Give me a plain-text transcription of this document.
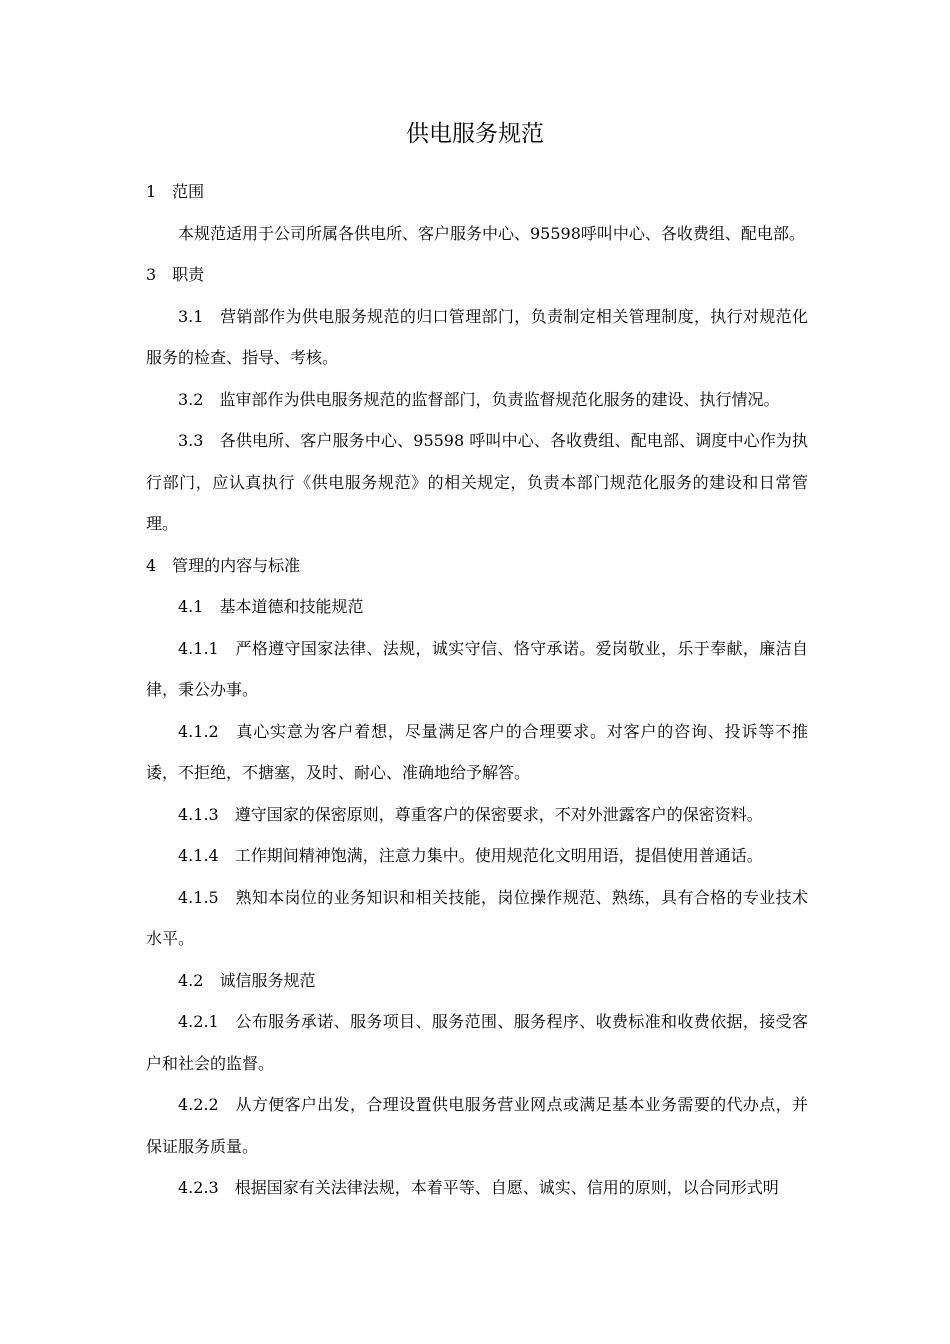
供电服务规范

1　范围

本规范适用于公司所属各供电所、客户服务中心、95598呼叫中心、各收费组、配电部。

3　职责

3.1　营销部作为供电服务规范的归口管理部门，负责制定相关管理制度，执行对规范化服务的检查、指导、考核。

3.2　监审部作为供电服务规范的监督部门，负责监督规范化服务的建设、执行情况。

3.3　各供电所、客户服务中心、95598 呼叫中心、各收费组、配电部、调度中心作为执行部门，应认真执行《供电服务规范》的相关规定，负责本部门规范化服务的建设和日常管理。

4　管理的内容与标准

4.1　基本道德和技能规范

4.1.1　严格遵守国家法律、法规，诚实守信、恪守承诺。爱岗敬业，乐于奉献，廉洁自律，秉公办事。

4.1.2　真心实意为客户着想，尽量满足客户的合理要求。对客户的咨询、投诉等不推诿，不拒绝，不搪塞，及时、耐心、准确地给予解答。

4.1.3　遵守国家的保密原则，尊重客户的保密要求，不对外泄露客户的保密资料。

4.1.4　工作期间精神饱满，注意力集中。使用规范化文明用语，提倡使用普通话。

4.1.5　熟知本岗位的业务知识和相关技能，岗位操作规范、熟练，具有合格的专业技术水平。

4.2　诚信服务规范

4.2.1　公布服务承诺、服务项目、服务范围、服务程序、收费标准和收费依据，接受客户和社会的监督。

4.2.2　从方便客户出发，合理设置供电服务营业网点或满足基本业务需要的代办点，并保证服务质量。

4.2.3　根据国家有关法律法规，本着平等、自愿、诚实、信用的原则，以合同形式明
